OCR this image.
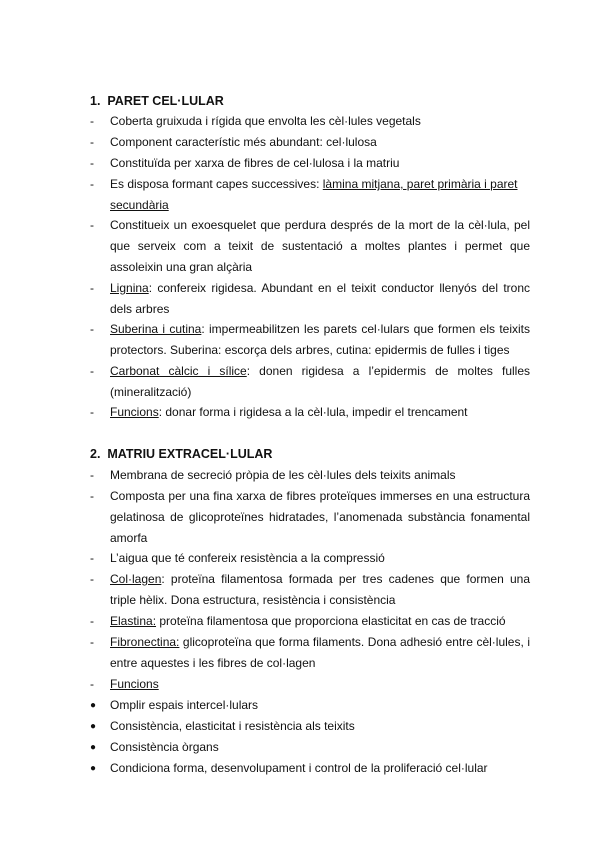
1. PARET CEL·LULAR
-	Coberta gruixuda i rígida que envolta les cèl·lules vegetals
-	Component característic més abundant: cel·lulosa
-	Constituïda per xarxa de fibres de cel·lulosa i la matriu
-	Es disposa formant capes successives: làmina mitjana, paret primària i paret secundària
-	Constitueix un exoesquelet que perdura després de la mort de la cèl·lula, pel que serveix com a teixit de sustentació a moltes plantes i permet que assoleixin una gran alçària
-	Lignina: confereix rigidesa. Abundant en el teixit conductor llenyós del tronc dels arbres
-	Suberina i cutina: impermeabilitzen les parets cel·lulars que formen els teixits protectors. Suberina: escorça dels arbres, cutina: epidermis de fulles i tiges
-	Carbonat càlcic i sílice: donen rigidesa a l’epidermis de moltes fulles (mineralització)
-	Funcions: donar forma i rigidesa a la cèl·lula, impedir el trencament
2. MATRIU EXTRACEL·LULAR
-	Membrana de secreció pròpia de les cèl·lules dels teixits animals
-	Composta per una fina xarxa de fibres proteïques immerses en una estructura gelatinosa de glicoproteïnes hidratades, l’anomenada substància fonamental amorfa
-	L’aigua que té confereix resistència a la compressió
-	Col·lagen: proteïna filamentosa formada per tres cadenes que formen una triple hèlix. Dona estructura, resistència i consistència
-	Elastina: proteïna filamentosa que proporciona elasticitat en cas de tracció
-	Fibronectina: glicoproteïna que forma filaments. Dona adhesió entre cèl·lules, i entre aquestes i les fibres de col·lagen
-	Funcions
●	Omplir espais intercel·lulars
●	Consistència, elasticitat i resistència als teixits
●	Consistència òrgans
●	Condiciona forma, desenvolupament i control de la proliferació cel·lular
